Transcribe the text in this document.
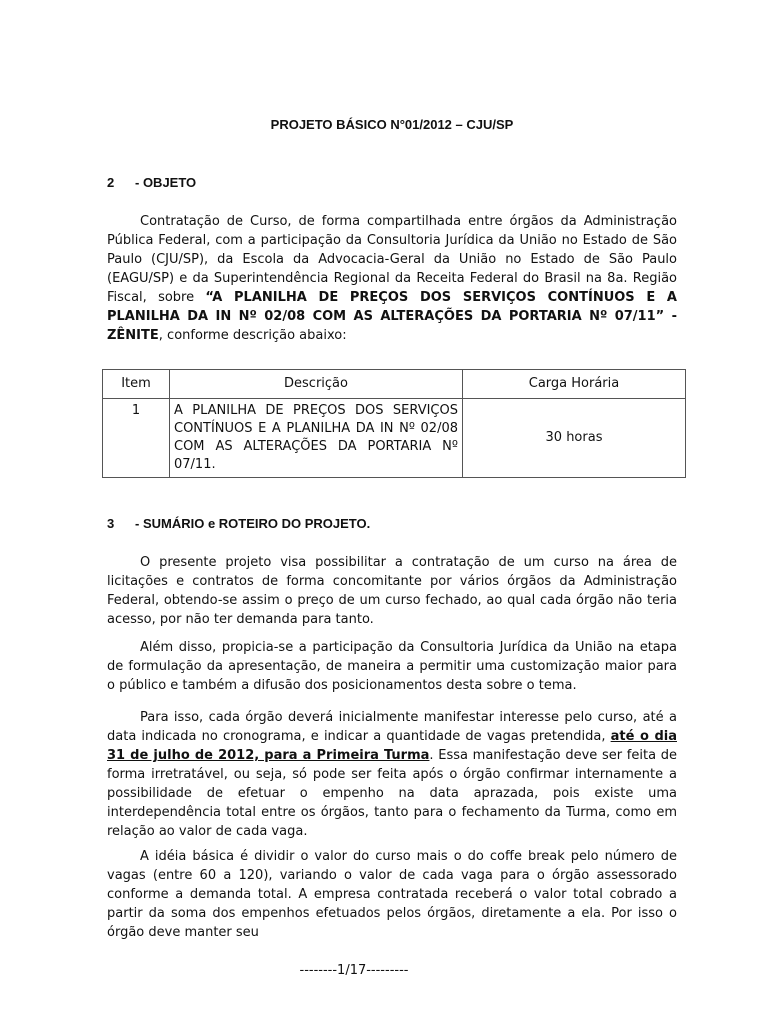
PROJETO BÁSICO N°01/2012 – CJU/SP
2 - OBJETO

Contratação de Curso, de forma compartilhada entre órgãos da Administração Pública Federal, com a participação da Consultoria Jurídica da União no Estado de São Paulo (CJU/SP), da Escola da Advocacia-Geral da União no Estado de São Paulo (EAGU/SP) e da Superintendência Regional da Receita Federal do Brasil na 8a. Região Fiscal, sobre “A PLANILHA DE PREÇOS DOS SERVIÇOS CONTÍNUOS E A PLANILHA DA IN Nº 02/08 COM AS ALTERAÇÕES DA PORTARIA Nº 07/11” - ZÊNITE, conforme descrição abaixo:

Item	Descrição	Carga Horária
1	A PLANILHA DE PREÇOS DOS SERVIÇOS CONTÍNUOS E A PLANILHA DA IN Nº 02/08 COM AS ALTERAÇÕES DA PORTARIA Nº 07/11.	30 horas
3 - SUMÁRIO e ROTEIRO DO PROJETO.

O presente projeto visa possibilitar a contratação de um curso na área de licitações e contratos de forma concomitante por vários órgãos da Administração Federal, obtendo-se assim o preço de um curso fechado, ao qual cada órgão não teria acesso, por não ter demanda para tanto.

Além disso, propicia-se a participação da Consultoria Jurídica da União na etapa de formulação da apresentação, de maneira a permitir uma customização maior para o público e também a difusão dos posicionamentos desta sobre o tema.

Para isso, cada órgão deverá inicialmente manifestar interesse pelo curso, até a data indicada no cronograma, e indicar a quantidade de vagas pretendida, até o dia 31 de julho de 2012, para a Primeira Turma. Essa manifestação deve ser feita de forma irretratável, ou seja, só pode ser feita após o órgão confirmar internamente a possibilidade de efetuar o empenho na data aprazada, pois existe uma interdependência total entre os órgãos, tanto para o fechamento da Turma, como em relação ao valor de cada vaga.

A idéia básica é dividir o valor do curso mais o do coffe break pelo número de vagas (entre 60 a 120), variando o valor de cada vaga para o órgão assessorado conforme a demanda total. A empresa contratada receberá o valor total cobrado a partir da soma dos empenhos efetuados pelos órgãos, diretamente a ela. Por isso o órgão deve manter seu

--------1/17---------
